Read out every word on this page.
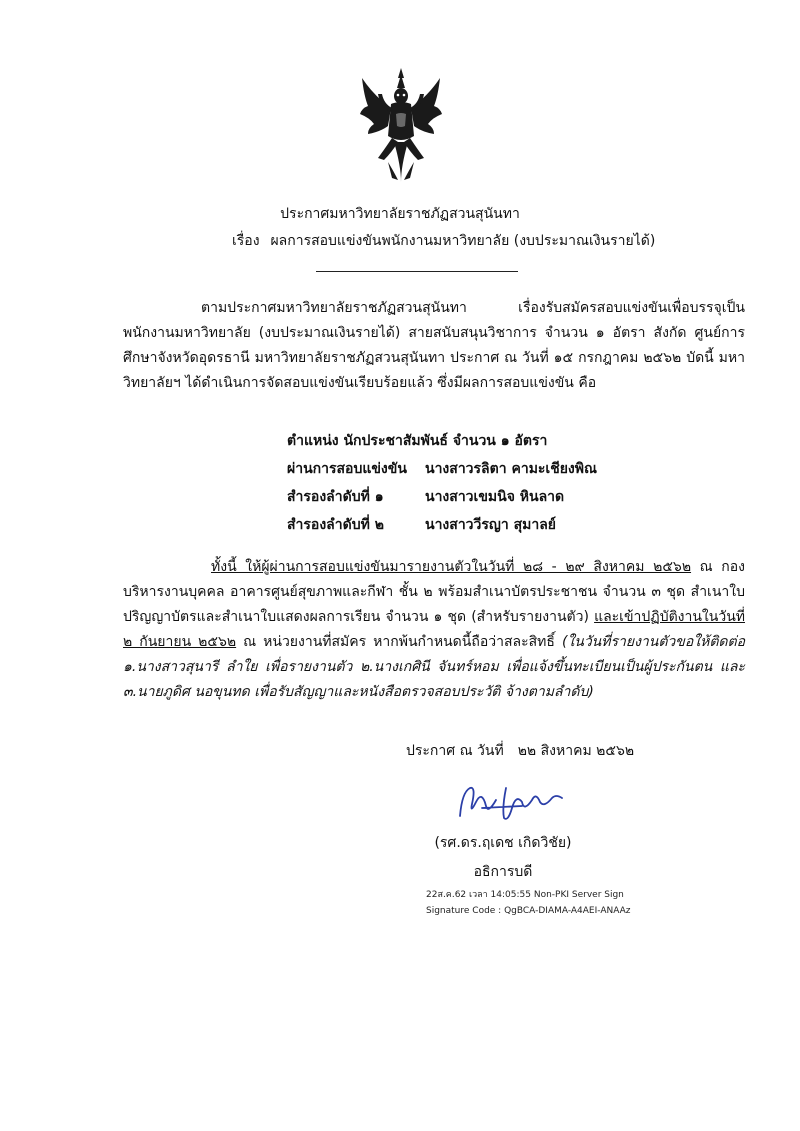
ประกาศมหาวิทยาลัยราชภัฏสวนสุนันทา
เรื่อง ผลการสอบแข่งขันพนักงานมหาวิทยาลัย (งบประมาณเงินรายได้)
ตามประกาศมหาวิทยาลัยราชภัฏสวนสุนันทา เรื่องรับสมัครสอบแข่งขันเพื่อบรรจุเป็นพนักงานมหาวิทยาลัย (งบประมาณเงินรายได้) สายสนับสนุนวิชาการ จำนวน ๑ อัตรา สังกัด ศูนย์การศึกษาจังหวัดอุดรธานี มหาวิทยาลัยราชภัฏสวนสุนันทา ประกาศ ณ วันที่ ๑๕ กรกฎาคม ๒๕๖๒ บัดนี้ มหาวิทยาลัยฯ ได้ดำเนินการจัดสอบแข่งขันเรียบร้อยแล้ว ซึ่งมีผลการสอบแข่งขัน คือ
ตำแหน่ง นักประชาสัมพันธ์ จำนวน ๑ อัตรา
ผ่านการสอบแข่งขัน นางสาวรลิตา คามะเชียงพิณ
สำรองลำดับที่ ๑	นางสาวเขมนิจ หินลาด
สำรองลำดับที่ ๒	นางสาววีรญา สุมาลย์
ทั้งนี้ ให้ผู้ผ่านการสอบแข่งขันมารายงานตัวในวันที่ ๒๘ - ๒๙ สิงหาคม ๒๕๖๒ ณ กองบริหารงานบุคคล อาคารศูนย์สุขภาพและกีฬา ชั้น ๒ พร้อมสำเนาบัตรประชาชน จำนวน ๓ ชุด สำเนาใบปริญญาบัตรและสำเนาใบแสดงผลการเรียน จำนวน ๑ ชุด (สำหรับรายงานตัว) และเข้าปฏิบัติงานในวันที่ ๒ กันยายน ๒๕๖๒ ณ หน่วยงานที่สมัคร หากพ้นกำหนดนี้ถือว่าสละสิทธิ์ (ในวันที่รายงานตัวขอให้ติดต่อ ๑.นางสาวสุนารี ลำใย เพื่อรายงานตัว ๒.นางเกศินี จันทร์หอม เพื่อแจ้งขึ้นทะเบียนเป็นผู้ประกันตน และ ๓.นายภูดิศ นอขุนทด เพื่อรับสัญญาและหนังสือตรวจสอบประวัติ จ้างตามลำดับ)
ประกาศ ณ วันที่ ๒๒ สิงหาคม ๒๕๖๒
(รศ.ดร.ฤเดช เกิดวิชัย)
อธิการบดี
22ส.ค.62 เวลา 14:05:55 Non-PKI Server Sign
Signature Code : QgBCA-DIAMA-A4AEI-ANAAz
